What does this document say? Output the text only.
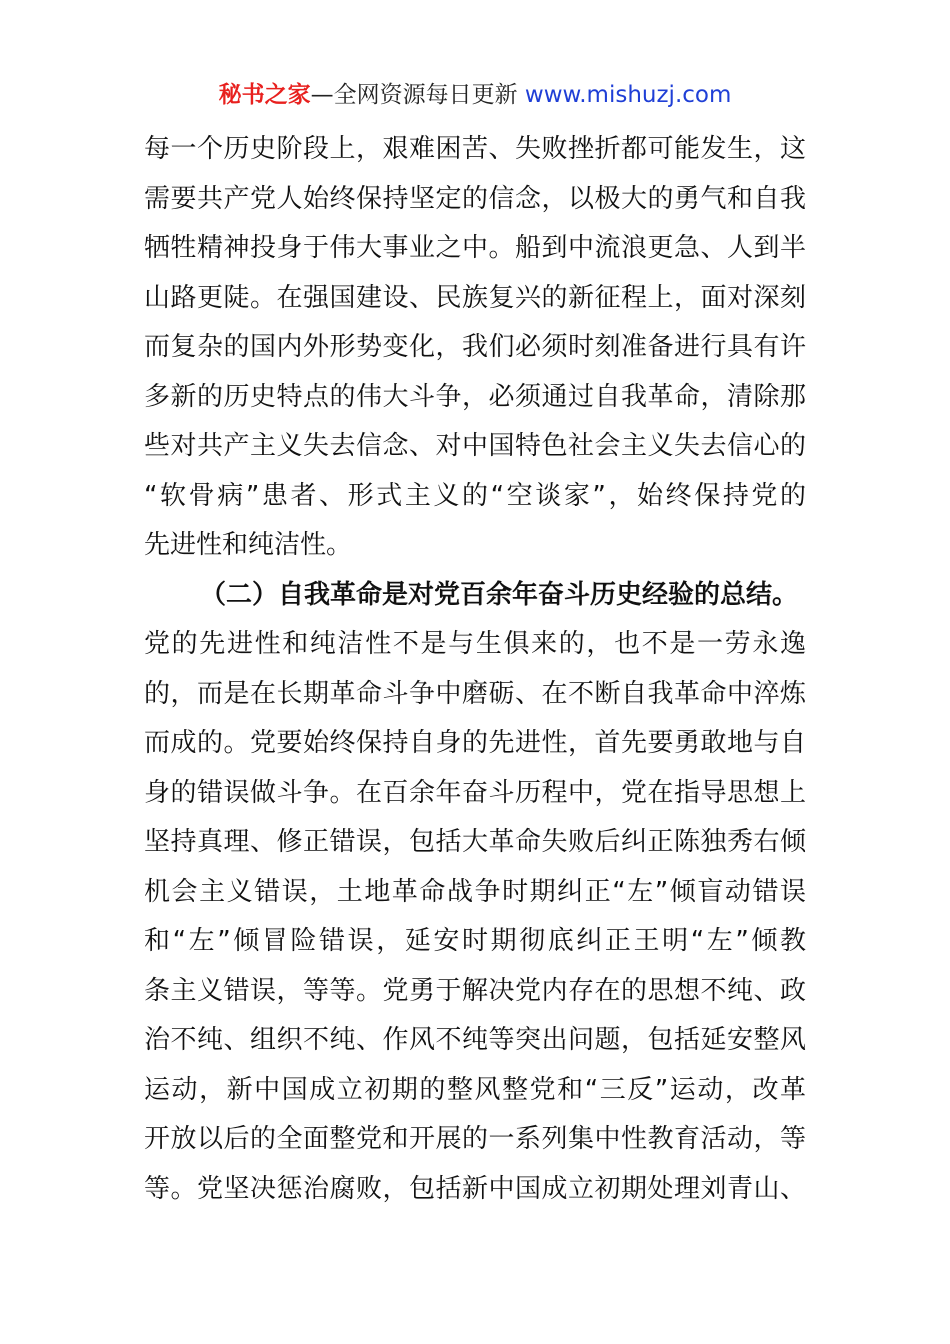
秘书之家—全网资源每日更新 www.mishuzj.com
每一个历史阶段上，艰难困苦、失败挫折都可能发生，这
需要共产党人始终保持坚定的信念，以极大的勇气和自我
牺牲精神投身于伟大事业之中。船到中流浪更急、人到半
山路更陡。在强国建设、民族复兴的新征程上，面对深刻
而复杂的国内外形势变化，我们必须时刻准备进行具有许
多新的历史特点的伟大斗争，必须通过自我革命，清除那
些对共产主义失去信念、对中国特色社会主义失去信心的
“软骨病”患者、形式主义的“空谈家”，始终保持党的
先进性和纯洁性。
（二）自我革命是对党百余年奋斗历史经验的总结。
党的先进性和纯洁性不是与生俱来的，也不是一劳永逸
的，而是在长期革命斗争中磨砺、在不断自我革命中淬炼
而成的。党要始终保持自身的先进性，首先要勇敢地与自
身的错误做斗争。在百余年奋斗历程中，党在指导思想上
坚持真理、修正错误，包括大革命失败后纠正陈独秀右倾
机会主义错误，土地革命战争时期纠正“左”倾盲动错误
和“左”倾冒险错误，延安时期彻底纠正王明“左”倾教
条主义错误，等等。党勇于解决党内存在的思想不纯、政
治不纯、组织不纯、作风不纯等突出问题，包括延安整风
运动，新中国成立初期的整风整党和“三反”运动，改革
开放以后的全面整党和开展的一系列集中性教育活动，等
等。党坚决惩治腐败，包括新中国成立初期处理刘青山、
